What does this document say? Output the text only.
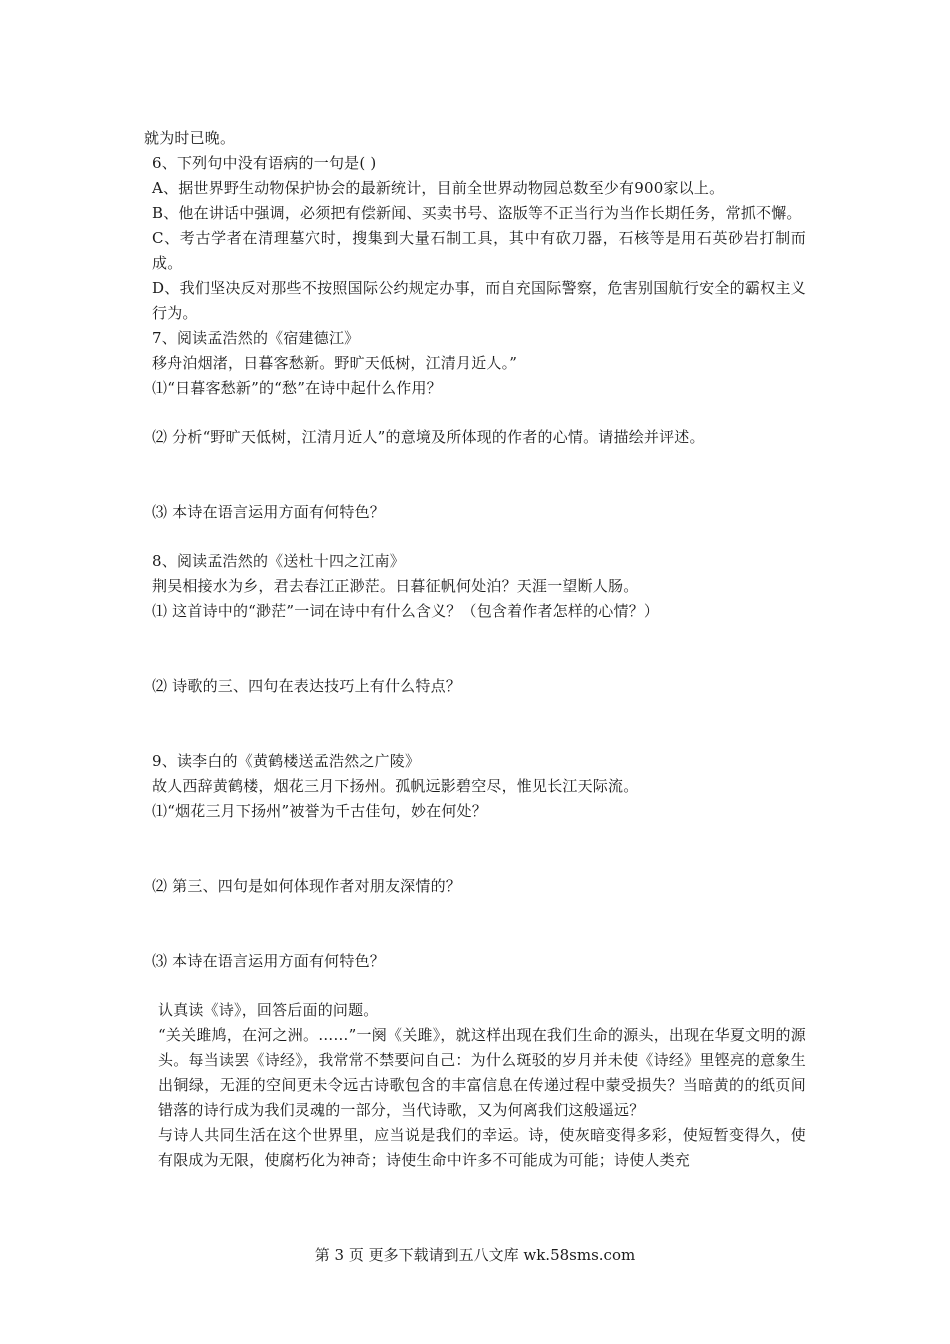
就为时已晚。
6、下列句中没有语病的一句是( )
A、据世界野生动物保护协会的最新统计，目前全世界动物园总数至少有900家以上。
B、他在讲话中强调，必须把有偿新闻、买卖书号、盗版等不正当行为当作长期任务，常抓不懈。
C、考古学者在清理墓穴时，搜集到大量石制工具，其中有砍刀器，石核等是用石英砂岩打制而成。
D、我们坚决反对那些不按照国际公约规定办事，而自充国际警察，危害别国航行安全的霸权主义行为。
7、阅读孟浩然的《宿建德江》
移舟泊烟渚，日暮客愁新。野旷天低树，江清月近人。”
⑴“日暮客愁新”的“愁”在诗中起什么作用？
⑵ 分析“野旷天低树，江清月近人”的意境及所体现的作者的心情。请描绘并评述。
⑶ 本诗在语言运用方面有何特色？
8、阅读孟浩然的《送杜十四之江南》
荆吴相接水为乡，君去春江正渺茫。日暮征帆何处泊？天涯一望断人肠。
⑴ 这首诗中的“渺茫”一词在诗中有什么含义？（包含着作者怎样的心情？）
⑵ 诗歌的三、四句在表达技巧上有什么特点？
9、读李白的《黄鹤楼送孟浩然之广陵》
故人西辞黄鹤楼，烟花三月下扬州。孤帆远影碧空尽，惟见长江天际流。
⑴“烟花三月下扬州”被誉为千古佳句，妙在何处？
⑵ 第三、四句是如何体现作者对朋友深情的？
⑶ 本诗在语言运用方面有何特色？
认真读《诗》，回答后面的问题。
“关关雎鸠，在河之洲。……”一阕《关雎》，就这样出现在我们生命的源头，出现在华夏文明的源头。每当读罢《诗经》，我常常不禁要问自己：为什么斑驳的岁月并未使《诗经》里铿亮的意象生出铜绿，无涯的空间更未令远古诗歌包含的丰富信息在传递过程中蒙受损失？当暗黄的的纸页间错落的诗行成为我们灵魂的一部分，当代诗歌，又为何离我们这般遥远？
与诗人共同生活在这个世界里，应当说是我们的幸运。诗，使灰暗变得多彩，使短暂变得久，使有限成为无限，使腐朽化为神奇；诗使生命中许多不可能成为可能；诗使人类充
第 3 页 更多下载请到五八文库 wk.58sms.com
